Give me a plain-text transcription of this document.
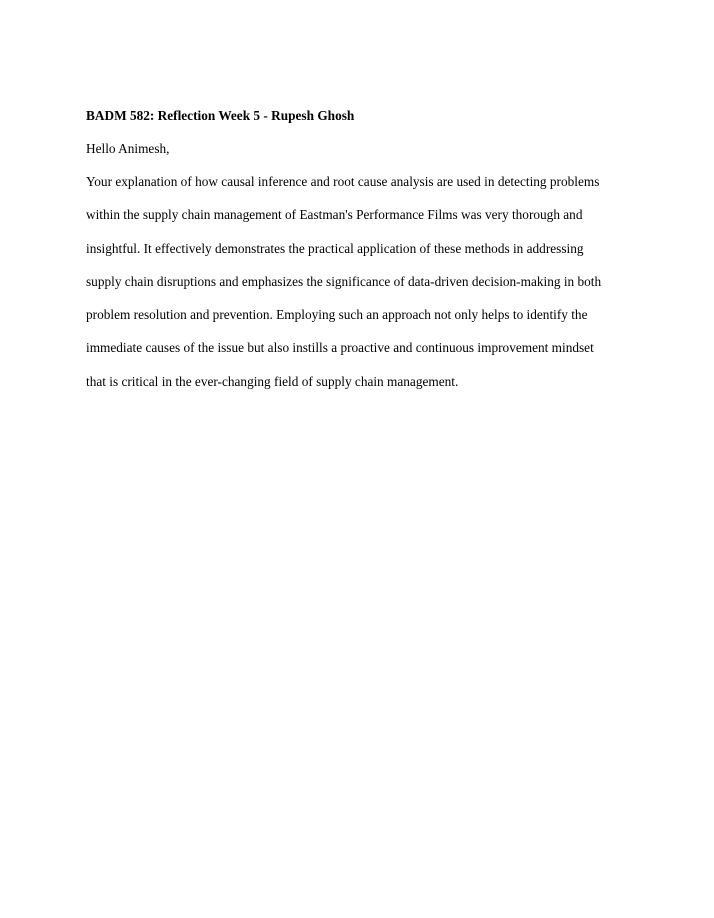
BADM 582: Reflection Week 5 - Rupesh Ghosh

Hello Animesh,

Your explanation of how causal inference and root cause analysis are used in detecting problems
within the supply chain management of Eastman's Performance Films was very thorough and
insightful. It effectively demonstrates the practical application of these methods in addressing
supply chain disruptions and emphasizes the significance of data-driven decision-making in both
problem resolution and prevention. Employing such an approach not only helps to identify the
immediate causes of the issue but also instills a proactive and continuous improvement mindset
that is critical in the ever-changing field of supply chain management.
